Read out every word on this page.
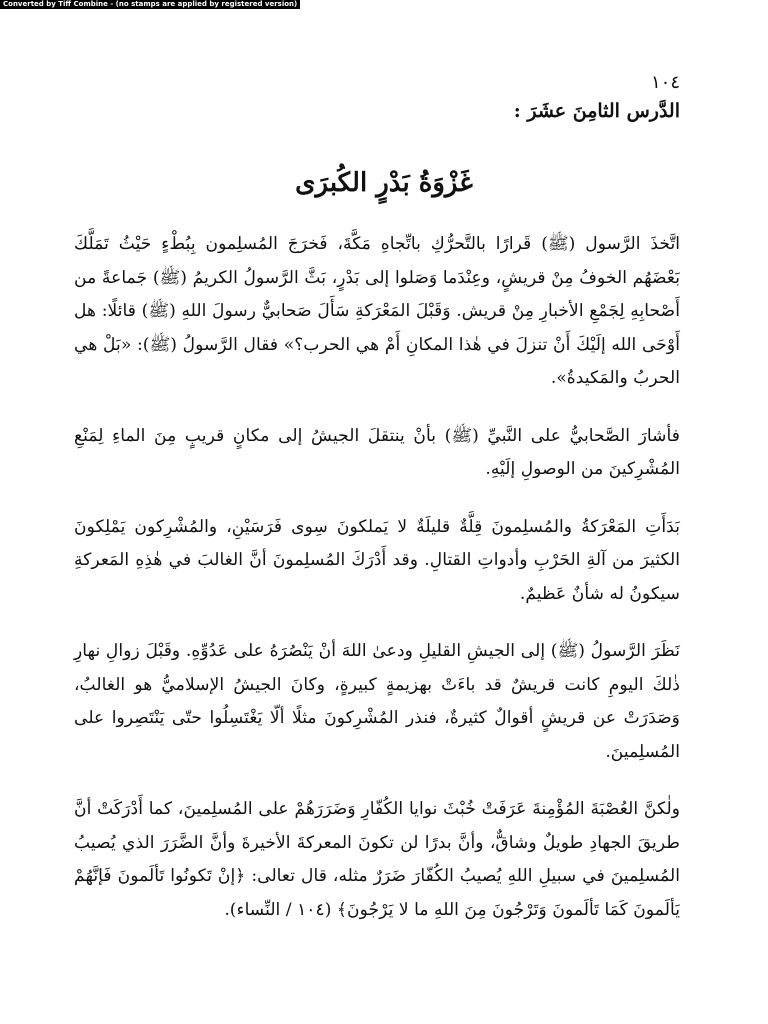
Converted by Tiff Combine - (no stamps are applied by registered version)
١٠٤
الدَّرس الثامِنَ عشَرَ :
غَزْوَةُ بَدْرٍ الكُبرَى

اتَّخذَ الرَّسول (ﷺ) قَرارًا بالتَّحرُّكِ باتِّجاهِ مَكَّةَ، فَخرَجَ المُسلِمون بِبُطْءٍ حَيْثُ تَمَلَّكَ بَعْضَهُم الخوفُ مِنْ قريشٍ، وعِنْدَما وَصَلوا إلى بَدْرٍ، بَثَّ الرَّسولُ الكريمُ (ﷺ) جَماعةً من أَصْحابِهِ لِجَمْعِ الأخبارِ مِنْ قريش. وَقَبْلَ المَعْرَكةِ سَأَلَ صَحابيٌّ رسولَ اللهِ (ﷺ) قائلًا: هل أَوْحَى الله إلَيْكَ أَنْ تنزلَ في هٰذا المكانِ أَمْ هي الحرب؟» فقال الرَّسولُ (ﷺ): «بَلْ هي الحربُ والمَكيدةُ».

فأشارَ الصَّحابيُّ على النَّبيِّ (ﷺ) بأنْ ينتقلَ الجيشُ إلى مكانٍ قريبٍ مِنَ الماءِ لِمَنْعِ المُشْرِكينَ من الوصولِ إلَيْهِ.

بَدَأَتِ المَعْرَكةُ والمُسلِمونَ قِلَّةٌ قليلَةٌ لا يَملكونَ سِوى فَرَسَيْنِ، والمُشْرِكون يَمْلِكونَ الكثيرَ من آلةِ الحَرْبِ وأدواتِ القتالِ. وقد أَدْرَكَ المُسلِمونَ أنَّ الغالبَ في هٰذِهِ المَعركةِ سيكونُ له شأنٌ عَظيمٌ.

نَظَرَ الرَّسولُ (ﷺ) إلى الجيشِ القليلِ ودعىٰ اللهَ أنْ يَنْصُرَهُ على عَدُوِّهِ. وقَبْلَ زوالِ نهارِ ذٰلكَ اليومِ كانت قريشٌ قد باءَتْ بهزيمةٍ كبيرةٍ، وكانَ الجيشُ الإسلاميُّ هو الغالبُ، وَصَدَرَتْ عن قريشٍ أقوالٌ كثيرةٌ، فنذر المُشْرِكونَ مثلًا ألّا يَغْتَسِلُوا حتّى يَنْتَصِروا على المُسلِمينَ.

ولٰكنَّ العُصْبَةَ المُؤْمِنةَ عَرَفَتْ خُبْثَ نوايا الكُفّارِ وَضَرَرَهُمْ على المُسلِمينَ، كما أَدْرَكَتْ أنَّ طريقَ الجهادِ طويلٌ وشاقٌّ، وأنَّ بدرًا لن تكونَ المعركةَ الأخيرةَ وأنَّ الضَّرَرَ الذي يُصيبُ المُسلِمينَ في سبيلِ اللهِ يُصيبُ الكُفّارَ ضَرَرٌ مثله، قال تعالى: ﴿إنْ تَكونُوا تَألَمونَ فَإنَّهُمْ يَألَمونَ كَمَا تَألَمونَ وَتَرْجُونَ مِنَ اللهِ ما لا يَرْجُونَ﴾ (١٠٤ / النِّساء).
